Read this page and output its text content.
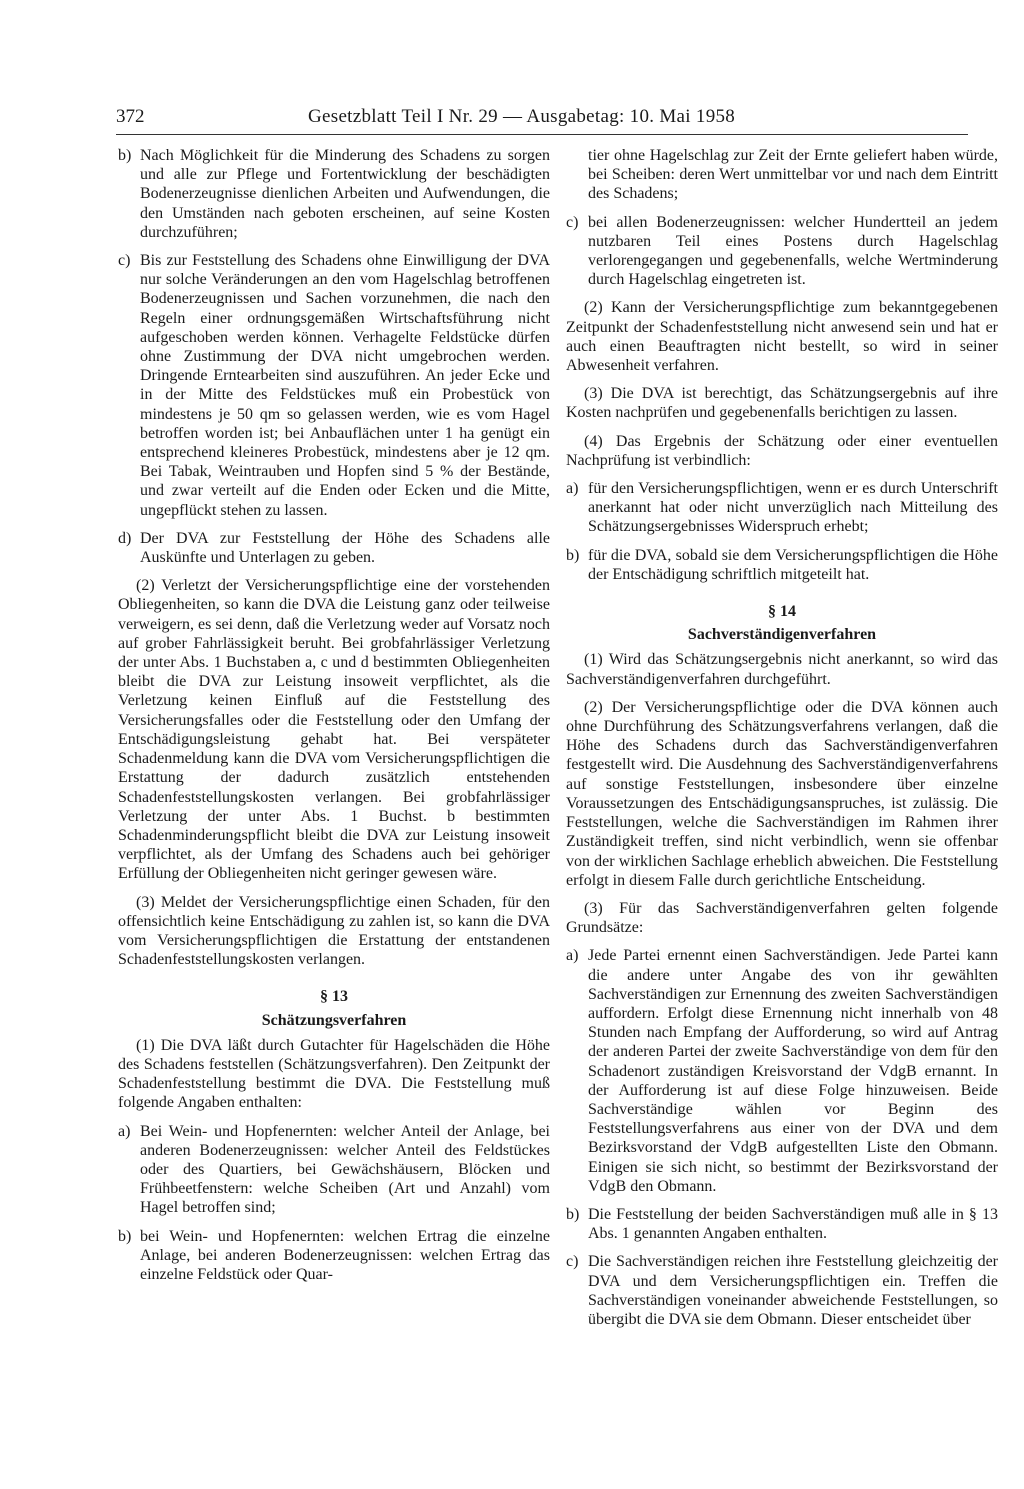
372	Gesetzblatt Teil I Nr. 29 — Ausgabetag: 10. Mai 1958
b) Nach Möglichkeit für die Minderung des Schadens zu sorgen und alle zur Pflege und Fortentwicklung der beschädigten Bodenerzeugnisse dienlichen Arbeiten und Aufwendungen, die den Umständen nach geboten erscheinen, auf seine Kosten durchzuführen;
c) Bis zur Feststellung des Schadens ohne Einwilligung der DVA nur solche Veränderungen an den vom Hagelschlag betroffenen Bodenerzeugnissen und Sachen vorzunehmen, die nach den Regeln einer ordnungsgemäßen Wirtschaftsführung nicht aufgeschoben werden können. Verhagelte Feldstücke dürfen ohne Zustimmung der DVA nicht umgebrochen werden. Dringende Erntearbeiten sind auszuführen. An jeder Ecke und in der Mitte des Feldstückes muß ein Probestück von mindestens je 50 qm so gelassen werden, wie es vom Hagel betroffen worden ist; bei Anbauflächen unter 1 ha genügt ein entsprechend kleineres Probestück, mindestens aber je 12 qm. Bei Tabak, Weintrauben und Hopfen sind 5 % der Bestände, und zwar verteilt auf die Enden oder Ecken und die Mitte, ungepflückt stehen zu lassen.
d) Der DVA zur Feststellung der Höhe des Schadens alle Auskünfte und Unterlagen zu geben.

(2) Verletzt der Versicherungspflichtige eine der vorstehenden Obliegenheiten, so kann die DVA die Leistung ganz oder teilweise verweigern, es sei denn, daß die Verletzung weder auf Vorsatz noch auf grober Fahrlässigkeit beruht. Bei grobfahrlässiger Verletzung der unter Abs. 1 Buchstaben a, c und d bestimmten Obliegenheiten bleibt die DVA zur Leistung insoweit verpflichtet, als die Verletzung keinen Einfluß auf die Feststellung des Versicherungsfalles oder die Feststellung oder den Umfang der Entschädigungsleistung gehabt hat. Bei verspäteter Schadenmeldung kann die DVA vom Versicherungspflichtigen die Erstattung der dadurch zusätzlich entstehenden Schadenfeststellungskosten verlangen. Bei grobfahrlässiger Verletzung der unter Abs. 1 Buchst. b bestimmten Schadenminderungspflicht bleibt die DVA zur Leistung insoweit verpflichtet, als der Umfang des Schadens auch bei gehöriger Erfüllung der Obliegenheiten nicht geringer gewesen wäre.

(3) Meldet der Versicherungspflichtige einen Schaden, für den offensichtlich keine Entschädigung zu zahlen ist, so kann die DVA vom Versicherungspflichtigen die Erstattung der entstandenen Schadenfeststellungskosten verlangen.

§ 13
Schätzungsverfahren

(1) Die DVA läßt durch Gutachter für Hagelschäden die Höhe des Schadens feststellen (Schätzungsverfahren). Den Zeitpunkt der Schadenfeststellung bestimmt die DVA. Die Feststellung muß folgende Angaben enthalten:

a) Bei Wein- und Hopfenernten: welcher Anteil der Anlage, bei anderen Bodenerzeugnissen: welcher Anteil des Feldstückes oder des Quartiers, bei Gewächshäusern, Blöcken und Frühbeetfenstern: welche Scheiben (Art und Anzahl) vom Hagel betroffen sind;
b) bei Wein- und Hopfenernten: welchen Ertrag die einzelne Anlage, bei anderen Bodenerzeugnissen: welchen Ertrag das einzelne Feldstück oder Quar-

tier ohne Hagelschlag zur Zeit der Ernte geliefert haben würde, bei Scheiben: deren Wert unmittelbar vor und nach dem Eintritt des Schadens;

c) bei allen Bodenerzeugnissen: welcher Hundertteil an jedem nutzbaren Teil eines Postens durch Hagelschlag verlorengegangen und gegebenenfalls, welche Wertminderung durch Hagelschlag eingetreten ist.

(2) Kann der Versicherungspflichtige zum bekanntgegebenen Zeitpunkt der Schadenfeststellung nicht anwesend sein und hat er auch einen Beauftragten nicht bestellt, so wird in seiner Abwesenheit verfahren.

(3) Die DVA ist berechtigt, das Schätzungsergebnis auf ihre Kosten nachprüfen und gegebenenfalls berichtigen zu lassen.

(4) Das Ergebnis der Schätzung oder einer eventuellen Nachprüfung ist verbindlich:

a) für den Versicherungspflichtigen, wenn er es durch Unterschrift anerkannt hat oder nicht unverzüglich nach Mitteilung des Schätzungsergebnisses Widerspruch erhebt;
b) für die DVA, sobald sie dem Versicherungspflichtigen die Höhe der Entschädigung schriftlich mitgeteilt hat.
§ 14
Sachverständigenverfahren

(1) Wird das Schätzungsergebnis nicht anerkannt, so wird das Sachverständigenverfahren durchgeführt.

(2) Der Versicherungspflichtige oder die DVA können auch ohne Durchführung des Schätzungsverfahrens verlangen, daß die Höhe des Schadens durch das Sachverständigenverfahren festgestellt wird. Die Ausdehnung des Sachverständigenverfahrens auf sonstige Feststellungen, insbesondere über einzelne Voraussetzungen des Entschädigungsanspruches, ist zulässig. Die Feststellungen, welche die Sachverständigen im Rahmen ihrer Zuständigkeit treffen, sind nicht verbindlich, wenn sie offenbar von der wirklichen Sachlage erheblich abweichen. Die Feststellung erfolgt in diesem Falle durch gerichtliche Entscheidung.

(3) Für das Sachverständigenverfahren gelten folgende Grundsätze:

a) Jede Partei ernennt einen Sachverständigen. Jede Partei kann die andere unter Angabe des von ihr gewählten Sachverständigen zur Ernennung des zweiten Sachverständigen auffordern. Erfolgt diese Ernennung nicht innerhalb von 48 Stunden nach Empfang der Aufforderung, so wird auf Antrag der anderen Partei der zweite Sachverständige von dem für den Schadenort zuständigen Kreisvorstand der VdgB ernannt. In der Aufforderung ist auf diese Folge hinzuweisen. Beide Sachverständige wählen vor Beginn des Feststellungsverfahrens aus einer von der DVA und dem Bezirksvorstand der VdgB aufgestellten Liste den Obmann. Einigen sie sich nicht, so bestimmt der Bezirksvorstand der VdgB den Obmann.
b) Die Feststellung der beiden Sachverständigen muß alle in § 13 Abs. 1 genannten Angaben enthalten.
c) Die Sachverständigen reichen ihre Feststellung gleichzeitig der DVA und dem Versicherungspflichtigen ein. Treffen die Sachverständigen voneinander abweichende Feststellungen, so übergibt die DVA sie dem Obmann. Dieser entscheidet über
